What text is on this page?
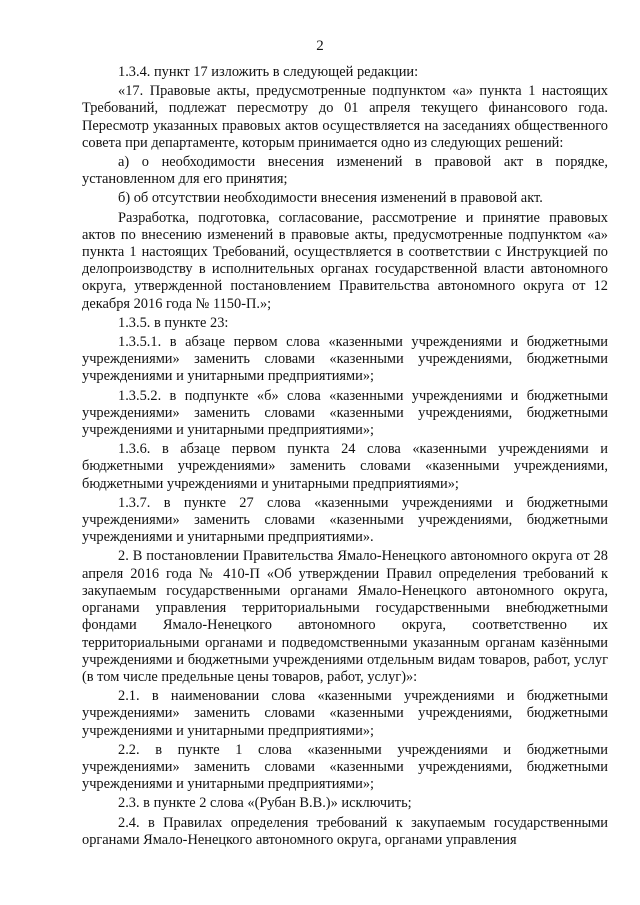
2

1.3.4. пункт 17 изложить в следующей редакции:

«17. Правовые акты, предусмотренные подпунктом «а» пункта 1 настоящих Требований, подлежат пересмотру до 01 апреля текущего финансового года. Пересмотр указанных правовых актов осуществляется на заседаниях общественного совета при департаменте, которым принимается одно из следующих решений:

а) о необходимости внесения изменений в правовой акт в порядке, установленном для его принятия;

б) об отсутствии необходимости внесения изменений в правовой акт.

Разработка, подготовка, согласование, рассмотрение и принятие правовых актов по внесению изменений в правовые акты, предусмотренные подпунктом «а» пункта 1 настоящих Требований, осуществляется в соответствии с Инструкцией по делопроизводству в исполнительных органах государственной власти автономного округа, утвержденной постановлением Правительства автономного округа от 12 декабря 2016 года № 1150-П.»;

1.3.5. в пункте 23:

1.3.5.1. в абзаце первом слова «казенными учреждениями и бюджетными учреждениями» заменить словами «казенными учреждениями, бюджетными учреждениями и унитарными предприятиями»;

1.3.5.2. в подпункте «б» слова «казенными учреждениями и бюджетными учреждениями» заменить словами «казенными учреждениями, бюджетными учреждениями и унитарными предприятиями»;

1.3.6. в абзаце первом пункта 24 слова «казенными учреждениями и бюджетными учреждениями» заменить словами «казенными учреждениями, бюджетными учреждениями и унитарными предприятиями»;

1.3.7. в пункте 27 слова «казенными учреждениями и бюджетными учреждениями» заменить словами «казенными учреждениями, бюджетными учреждениями и унитарными предприятиями».

2. В постановлении Правительства Ямало-Ненецкого автономного округа от 28 апреля 2016 года № 410-П «Об утверждении Правил определения требований к закупаемым государственными органами Ямало-Ненецкого автономного округа, органами управления территориальными государственными внебюджетными фондами Ямало-Ненецкого автономного округа, соответственно их территориальными органами и подведомственными указанным органам казёнными учреждениями и бюджетными учреждениями отдельным видам товаров, работ, услуг (в том числе предельные цены товаров, работ, услуг)»:

2.1. в наименовании слова «казенными учреждениями и бюджетными учреждениями» заменить словами «казенными учреждениями, бюджетными учреждениями и унитарными предприятиями»;

2.2. в пункте 1 слова «казенными учреждениями и бюджетными учреждениями» заменить словами «казенными учреждениями, бюджетными учреждениями и унитарными предприятиями»;

2.3. в пункте 2 слова «(Рубан В.В.)» исключить;

2.4. в Правилах определения требований к закупаемым государственными органами Ямало-Ненецкого автономного округа, органами управления
